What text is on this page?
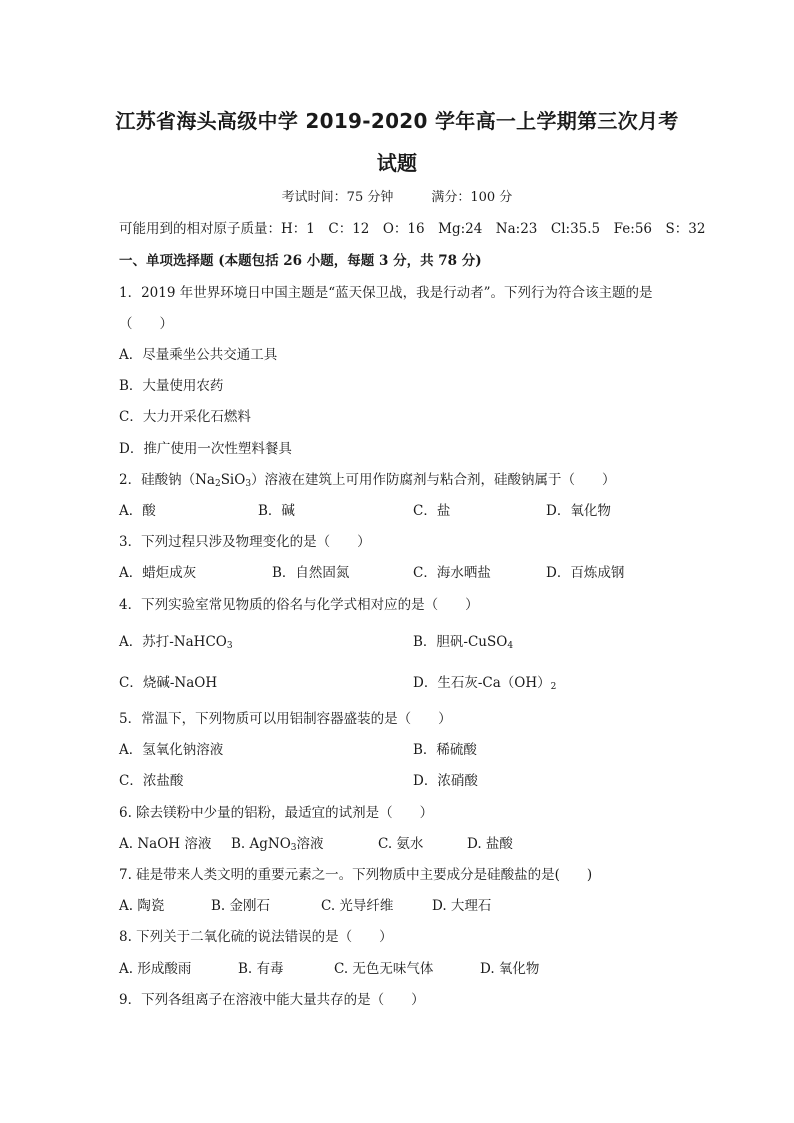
江苏省海头高级中学 2019-2020 学年高一上学期第三次月考
试题
考试时间：75 分钟	满分：100 分
可能用到的相对原子质量：H：1　C：12　O：16　Mg:24　Na:23　Cl:35.5　Fe:56　S：32
一、单项选择题 (本题包括 26 小题，每题 3 分，共 78 分)
1．2019 年世界环境日中国主题是“蓝天保卫战，我是行动者”。下列行为符合该主题的是
（　　）
A．尽量乘坐公共交通工具
B．大量使用农药
C．大力开采化石燃料
D．推广使用一次性塑料餐具
2．硅酸钠$(Na_2SiO_3)$溶液在建筑上可用作防腐剂与粘合剂，硅酸钠属于（　　）
A．酸	B．碱	C．盐	D．氧化物
3．下列过程只涉及物理变化的是（　　）
A．蜡炬成灰	B．自然固氮	C．海水晒盐	D．百炼成钢
4．下列实验室常见物质的俗名与化学式相对应的是（　　）
A．苏打-NaHCO$_3$	B．胆矾-CuSO$_4$
C．烧碱-NaOH	D．生石灰$-Ca(OH)_2$
5．常温下，下列物质可以用铝制容器盛装的是（　　）
A．氢氧化钠溶液	B．稀硫酸
C．浓盐酸	D．浓硝酸
6. 除去镁粉中少量的铝粉，最适宜的试剂是（　　）
A. NaOH 溶液 B. AgNO$_3$溶液	C. 氨水	D. 盐酸
7. 硅是带来人类文明的重要元素之一。下列物质中主要成分是硅酸盐的是(　　)
A. 陶瓷	B. 金刚石	C. 光导纤维	D. 大理石
8. 下列关于二氧化硫的说法错误的是（　　）
A. 形成酸雨	B. 有毒	C. 无色无味气体	D. 氧化物
9．下列各组离子在溶液中能大量共存的是（　　）
